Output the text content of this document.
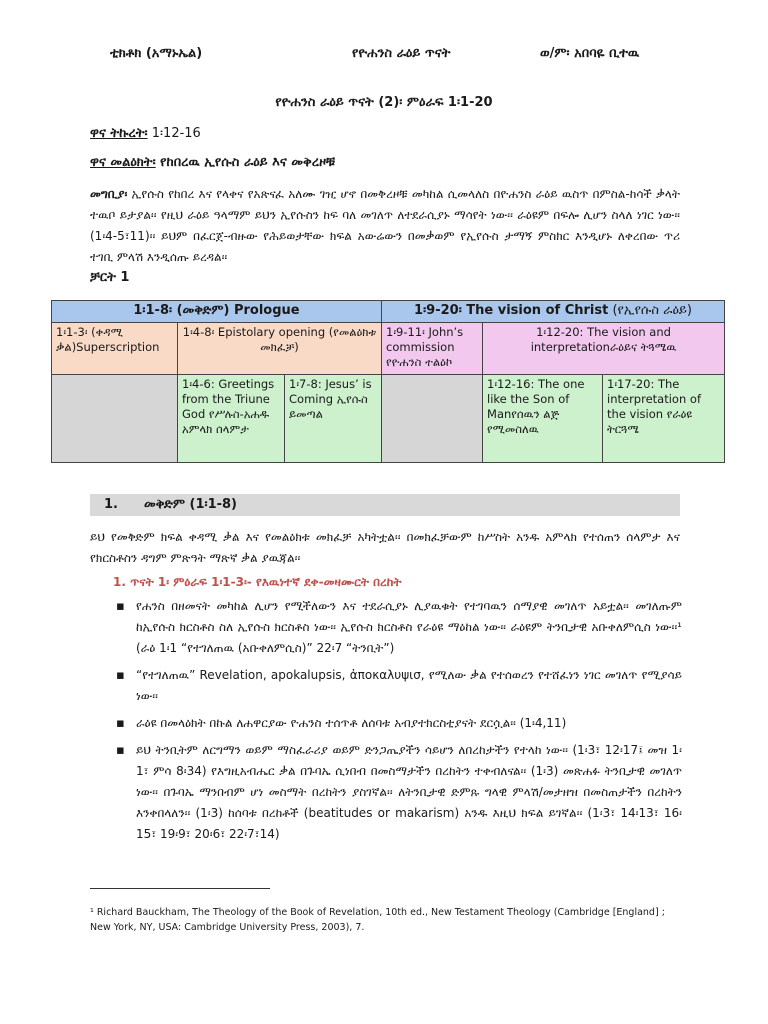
ቲክቶክ (አማኑኤል)	የዮሐንስ ራዕይ ጥናት	ወ/ም፡ አበባዬ ቢተዉ
የዮሐንስ ራዕይ ጥናት (2)፡ ምዕራፍ 1፡1-20
ዋና ትኩረት፡ 1፡12-16
ዋና መልዕክት፡ የከበረዉ ኢየሱስ ራዕይ እና መቅረዞቹ
መግቢያ፡ ኢየሱስ የከበረ እና የላቀና የአጽናፈ አለሙ ገዢ ሆኖ በመቅረዞቹ መካከል ሲመላለስ በዮሐንስ ራዕይ ዉስጥ በምስል-ከሳች ቃላት ተዉቦ ይታያል፡፡ የዚህ ራዕይ ዓላማም ይህን ኢየሱስን ከፍ ባለ መገለጥ ለተደራሲያኑ ማሳየት ነው፡፡ ራዕዩም በፍሎ ሊሆን ስላለ ነገር ነው፡፡(1፡4-5፣11)፡፡ ይህም በፈርጀ-ብዙው የሕይወታቸው ክፍል አውሬውን በመቃወም የኢየሱስ ታማኝ ምስክር እንዲሆኑ ለቀረበው ጥሪ ተገቢ ምላሽ እንዲሰጡ ይረዳል፡፡
ቻርት 1
1፡1-8፡ (መቅድም) Prologue			1፡9-20፡ The vision of Christ (የኢየሱስ ራዕይ)		
1፡1-3፡ (ቀዳሚ ቃል)Superscription	1፡4-8፡ Epistolary opening (የመልዕክቱ መክፈቻ)		1፡9-11፡ John’s commission የዮሐንስ ተልዕኮ	1፡12-20: The vision and interpretationራዕይና ትጓሜዉ	
	1፡4-6: Greetings from the Triune God የሥሉስ-አሐዱ አምላክ ሰላምታ	1፡7-8: Jesus’ is Coming ኢየሱስ ይመጣል		1፡12-16: The one like the Son of Manየሰዉን ልጅ የሚመስለዉ	1፡17-20: The interpretation of the vision የራዕዩ ትርጓሜ
1. መቅድም (1፡1-8)
ይህ የመቅድም ክፍል ቀዳሚ ቃል እና የመልዕክቱ መክፈቻ አካትቷል፡፡ በመክፈቻውም ከሥስት አንዱ አምላክ የተሰጠን ሰላምታ እና የክርስቶስን ዳግም ምጽዓት ማጽኛ ቃል ያዉጃል፡፡
1. ጥናት 1፡ ምዕራፍ 1፡1-3፡- የእዉነተኛ ደቀ-መዛሙርት በረከት
▪ የሐንስ በዘመናት መካከል ሊሆን የሚችለውን እና ተደራሲያኑ ሊያዉቁት የተገባዉን ሰማያዊ መገለጥ አይቷል፡፡ መገለጡም ከኢየሱስ ክርስቶስ ስለ ኢየሱስ ክርስቶስ ነው፡፡ ኢየሱስ ክርስቶስ የራዕዩ ማዕከል ነው፡፡ ራዕዩም ትንቢታዊ አቡቀለምሲስ ነው፡፡¹ (ራዕ 1፡1 “የተገለጠዉ (አቡቀለምሲስ)” 22፡7 “ትንቢት”)
▪ “የተገለጠዉ” Revelation, apokalupsis, ἀποκαλυψισ, የሚለው ቃል የተሰወረን የተሸፈነን ነገር መገለጥ የሚያሳይ ነው፡፡
▪ ራዕዩ በመላዕክት በኩል ለሐዋርያው ዮሐንስ ተሰጥቶ ለሰባቱ አብያተክርስቲያናት ደርሷል፡፡ (1፡4,11)
▪ ይህ ትንቢትም ለርግማን ወይም ማስፈራሪያ ወይም ድንጋጤያችን ሳይሆን ለበረከታችን የተላከ ነው፡፡ (1፡3፣ 12፡17፤ መዝ 1፡1፣ ምሳ 8፡34) የእግዚአብሔር ቃል በጉባኤ ሲነበብ በመስማታችን በረከትን ተቀብለናል፡፡ (1፡3) መጽሐፉ ትንቢታዊ መገለጥ ነው፡፡ በጉባኤ ማንበብም ሆነ መስማት በረከትን ያስገኛል፡፡ ለትንቢታዊ ድምጹ ግላዊ ምላሽ/መታዘዝ በመስጠታችን በረከትን እንቀበላለን፡፡ (1፡3) ከሰባቱ በረከቶች (beatitudes or makarism) አንዱ እዚህ ክፍል ይገኛል፡፡ (1፡3፣ 14፡13፣ 16፡15፣ 19፡9፣ 20፡6፣ 22፡7፣14)
¹ Richard Bauckham, The Theology of the Book of Revelation, 10th ed., New Testament Theology (Cambridge [England] ; New York, NY, USA: Cambridge University Press, 2003), 7.
